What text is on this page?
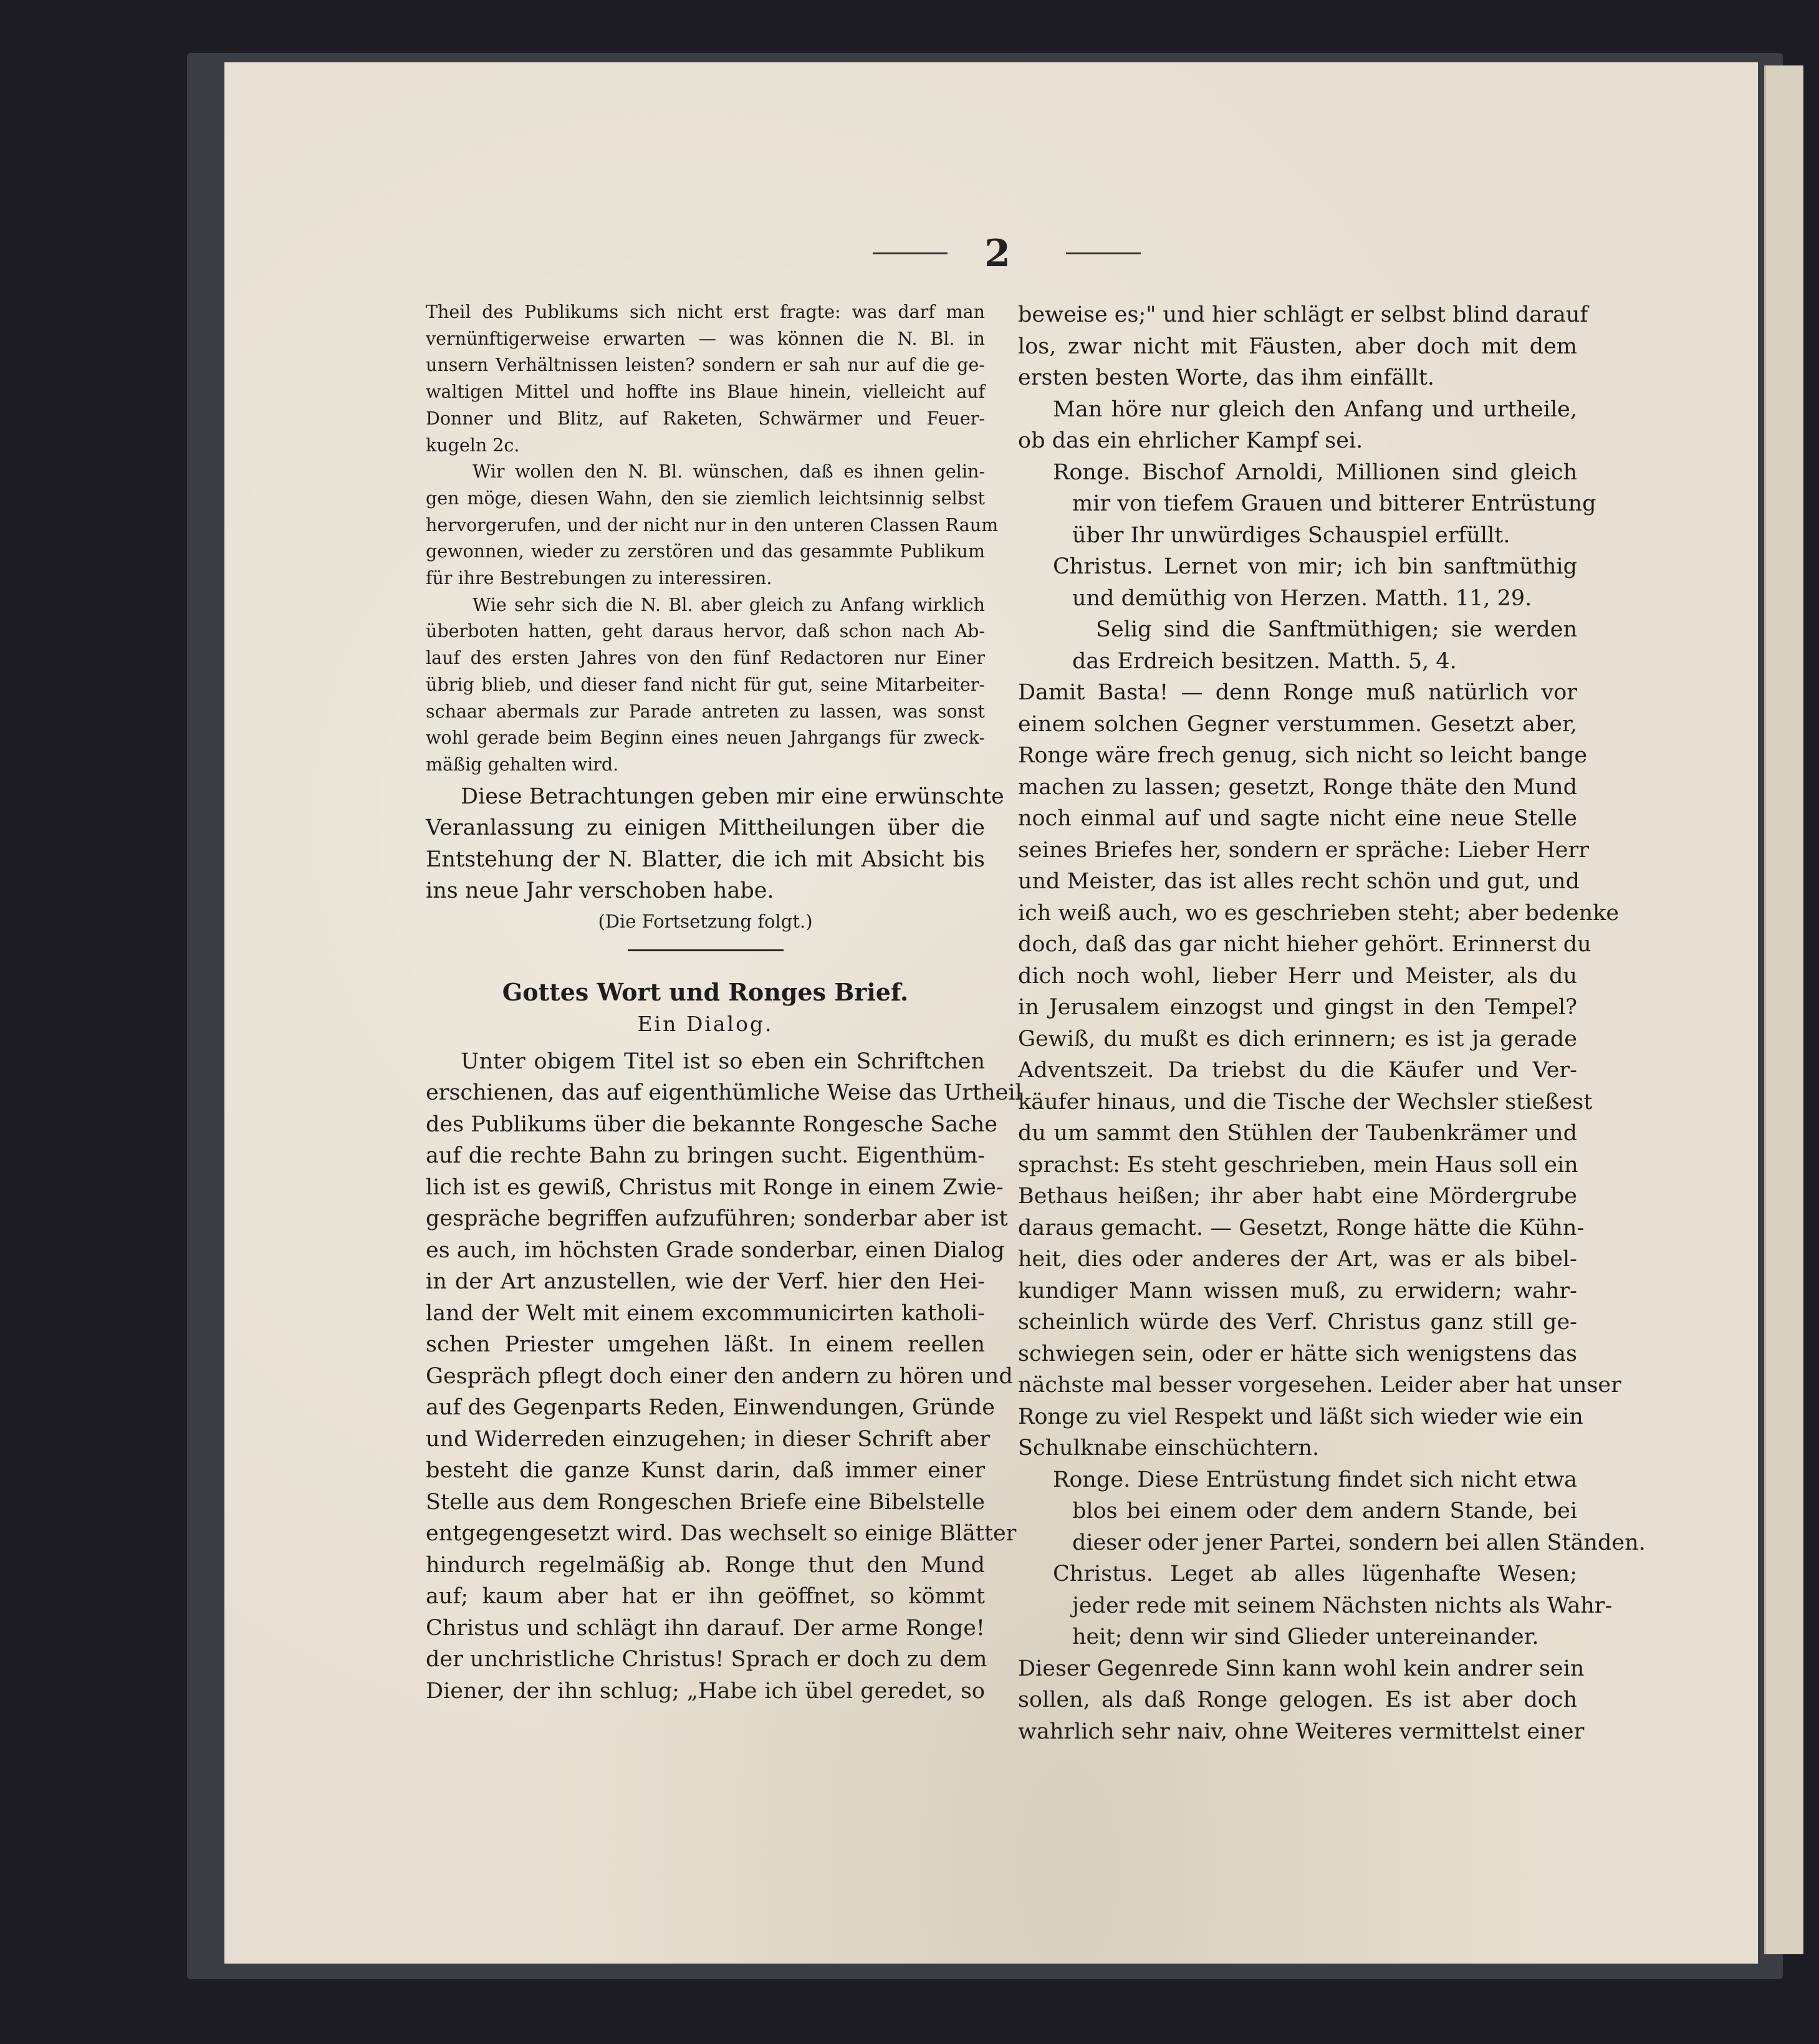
2
Theil des Publikums sich nicht erst fragte: was darf man
vernünftigerweise erwarten — was können die N. Bl. in
unsern Verhältnissen leisten? sondern er sah nur auf die ge-
waltigen Mittel und hoffte ins Blaue hinein, vielleicht auf
Donner und Blitz, auf Raketen, Schwärmer und Feuer-
kugeln 2c.
Wir wollen den N. Bl. wünschen, daß es ihnen gelin-
gen möge, diesen Wahn, den sie ziemlich leichtsinnig selbst
hervorgerufen, und der nicht nur in den unteren Classen Raum
gewonnen, wieder zu zerstören und das gesammte Publikum
für ihre Bestrebungen zu interessiren.
Wie sehr sich die N. Bl. aber gleich zu Anfang wirklich
überboten hatten, geht daraus hervor, daß schon nach Ab-
lauf des ersten Jahres von den fünf Redactoren nur Einer
übrig blieb, und dieser fand nicht für gut, seine Mitarbeiter-
schaar abermals zur Parade antreten zu lassen, was sonst
wohl gerade beim Beginn eines neuen Jahrgangs für zweck-
mäßig gehalten wird.
Diese Betrachtungen geben mir eine erwünschte
Veranlassung zu einigen Mittheilungen über die
Entstehung der N. Blatter, die ich mit Absicht bis
ins neue Jahr verschoben habe.
(Die Fortsetzung folgt.)
Gottes Wort und Ronges Brief.
Ein Dialog.
Unter obigem Titel ist so eben ein Schriftchen
erschienen, das auf eigenthümliche Weise das Urtheil
des Publikums über die bekannte Rongesche Sache
auf die rechte Bahn zu bringen sucht. Eigenthüm-
lich ist es gewiß, Christus mit Ronge in einem Zwie-
gespräche begriffen aufzuführen; sonderbar aber ist
es auch, im höchsten Grade sonderbar, einen Dialog
in der Art anzustellen, wie der Verf. hier den Hei-
land der Welt mit einem excommunicirten katholi-
schen Priester umgehen läßt. In einem reellen
Gespräch pflegt doch einer den andern zu hören und
auf des Gegenparts Reden, Einwendungen, Gründe
und Widerreden einzugehen; in dieser Schrift aber
besteht die ganze Kunst darin, daß immer einer
Stelle aus dem Rongeschen Briefe eine Bibelstelle
entgegengesetzt wird. Das wechselt so einige Blätter
hindurch regelmäßig ab. Ronge thut den Mund
auf; kaum aber hat er ihn geöffnet, so kömmt
Christus und schlägt ihn darauf. Der arme Ronge!
der unchristliche Christus! Sprach er doch zu dem
Diener, der ihn schlug; „Habe ich übel geredet, so
beweise es;" und hier schlägt er selbst blind darauf
los, zwar nicht mit Fäusten, aber doch mit dem
ersten besten Worte, das ihm einfällt.
Man höre nur gleich den Anfang und urtheile,
ob das ein ehrlicher Kampf sei.
Ronge. Bischof Arnoldi, Millionen sind gleich
mir von tiefem Grauen und bitterer Entrüstung
über Ihr unwürdiges Schauspiel erfüllt.
Christus. Lernet von mir; ich bin sanftmüthig
und demüthig von Herzen. Matth. 11, 29.
Selig sind die Sanftmüthigen; sie werden
das Erdreich besitzen. Matth. 5, 4.
Damit Basta! — denn Ronge muß natürlich vor
einem solchen Gegner verstummen. Gesetzt aber,
Ronge wäre frech genug, sich nicht so leicht bange
machen zu lassen; gesetzt, Ronge thäte den Mund
noch einmal auf und sagte nicht eine neue Stelle
seines Briefes her, sondern er spräche: Lieber Herr
und Meister, das ist alles recht schön und gut, und
ich weiß auch, wo es geschrieben steht; aber bedenke
doch, daß das gar nicht hieher gehört. Erinnerst du
dich noch wohl, lieber Herr und Meister, als du
in Jerusalem einzogst und gingst in den Tempel?
Gewiß, du mußt es dich erinnern; es ist ja gerade
Adventszeit. Da triebst du die Käufer und Ver-
käufer hinaus, und die Tische der Wechsler stießest
du um sammt den Stühlen der Taubenkrämer und
sprachst: Es steht geschrieben, mein Haus soll ein
Bethaus heißen; ihr aber habt eine Mördergrube
daraus gemacht. — Gesetzt, Ronge hätte die Kühn-
heit, dies oder anderes der Art, was er als bibel-
kundiger Mann wissen muß, zu erwidern; wahr-
scheinlich würde des Verf. Christus ganz still ge-
schwiegen sein, oder er hätte sich wenigstens das
nächste mal besser vorgesehen. Leider aber hat unser
Ronge zu viel Respekt und läßt sich wieder wie ein
Schulknabe einschüchtern.
Ronge. Diese Entrüstung findet sich nicht etwa
blos bei einem oder dem andern Stande, bei
dieser oder jener Partei, sondern bei allen Ständen.
Christus. Leget ab alles lügenhafte Wesen;
jeder rede mit seinem Nächsten nichts als Wahr-
heit; denn wir sind Glieder untereinander.
Dieser Gegenrede Sinn kann wohl kein andrer sein
sollen, als daß Ronge gelogen. Es ist aber doch
wahrlich sehr naiv, ohne Weiteres vermittelst einer
